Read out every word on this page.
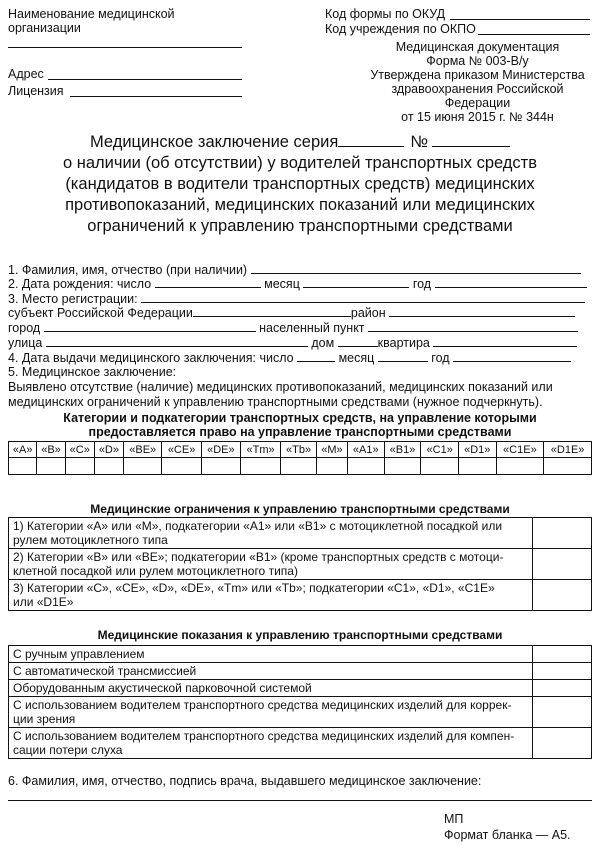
Наименование медицинской
организации
Адрес
Лицензия
Код формы по ОКУД
Код учреждения по ОКПО
Медицинская документация
Форма № 003-В/у
Утверждена приказом Министерства
здравоохранения Российской Федерации
от 15 июня 2015 г. № 344н
Медицинское заключение серия	№
о наличии (об отсутствии) у водителей транспортных средств
(кандидатов в водители транспортных средств) медицинских
противопоказаний, медицинских показаний или медицинских
ограничений к управлению транспортными средствами
1. Фамилия, имя, отчество (при наличии)
2. Дата рождения: число	месяц	год
3. Место регистрации:
субъект Российской Федерации	район
город	населенный пункт
улица	дом	квартира
4. Дата выдачи медицинского заключения: число	месяц	год
5. Медицинское заключение:
Выявлено отсутствие (наличие) медицинских противопоказаний, медицинских показаний или
медицинских ограничений к управлению транспортными средствами (нужное подчеркнуть).
Категории и подкатегории транспортных средств, на управление которыми
предоставляется право на управление транспортными средствами
«A»	«B»	«C»	«D»	«BE»	«CE»	«DE»	«Tm»	«Tb»	«M»	«A1»	«B1»	«C1»	«D1»	«C1E»	«D1E»

Медицинские ограничения к управлению транспортными средствами
1) Категории «А» или «М», подкатегории «А1» или «В1» с мотоциклетной посадкой или
рулем мотоциклетного типа	

2) Категории «В» или «ВЕ»; подкатегории «В1» (кроме транспортных средств с мотоци-
клетной посадкой или рулем мотоциклетного типа)	

3) Категории «С», «СЕ», «D», «DE», «Tm» или «Tb»; подкатегории «С1», «D1», «С1E»
или «D1E»	

Медицинские показания к управлению транспортными средствами
С ручным управлением	
С автоматической трансмиссией	
Оборудованным акустической парковочной системой	

С использованием водителем транспортного средства медицинских изделий для коррек-
ции зрения	

С использованием водителем транспортного средства медицинских изделий для компен-
сации потери слуха	

6. Фамилия, имя, отчество, подпись врача, выдавшего медицинское заключение:
МП
Формат бланка — А5.
